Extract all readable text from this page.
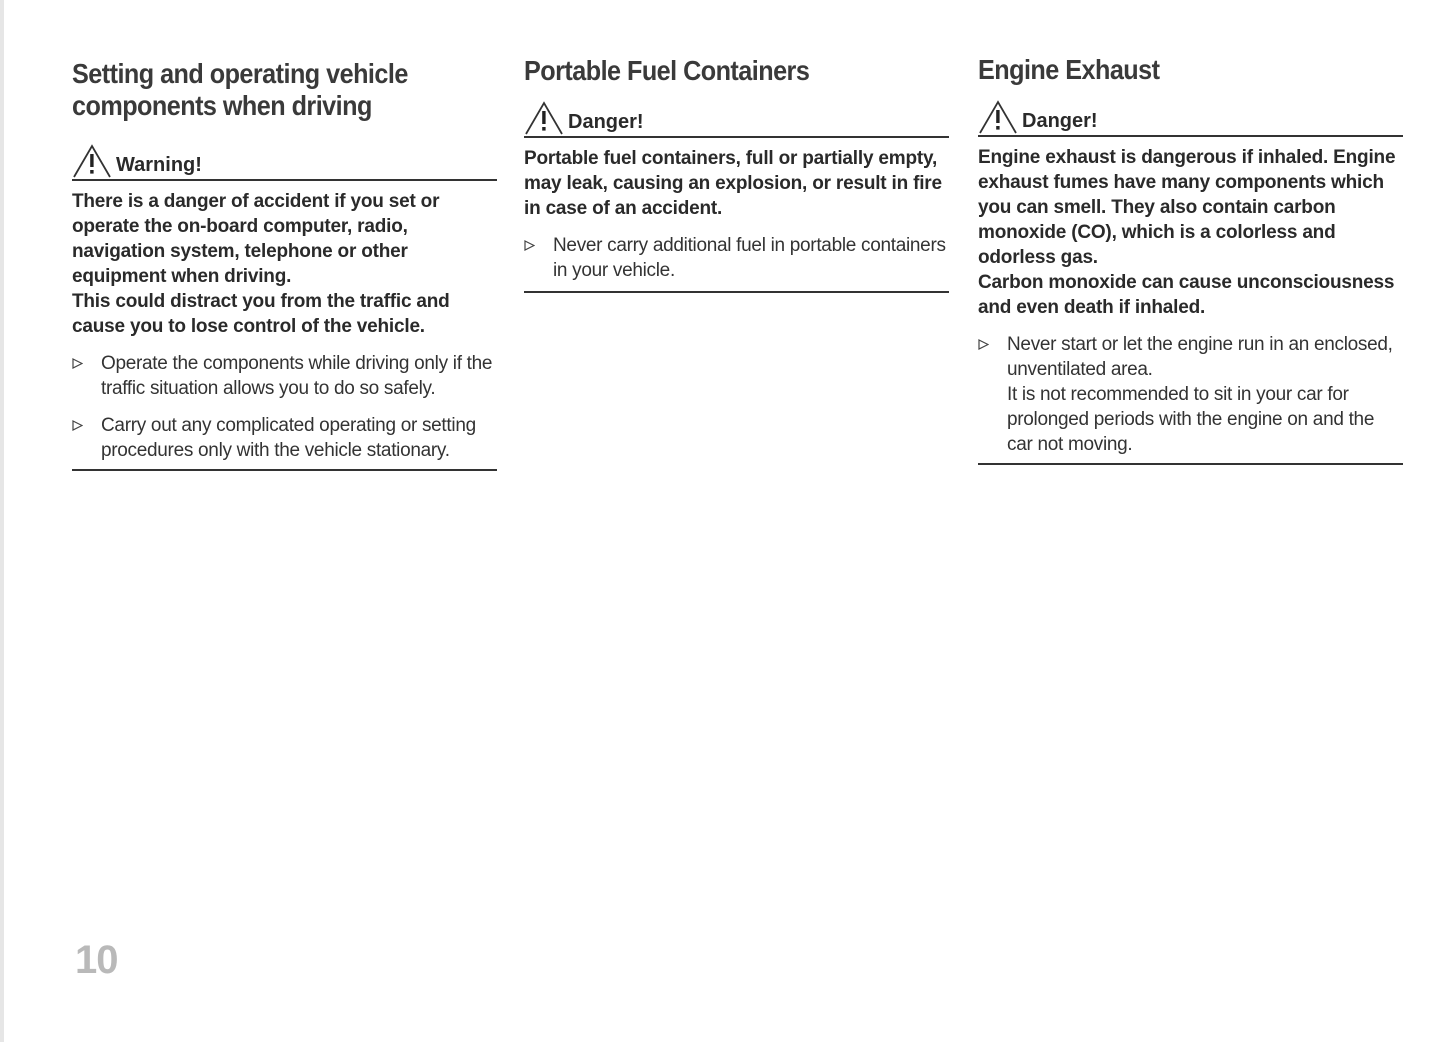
Setting and operating vehicle components when driving
Warning!

There is a danger of accident if you set or operate the on-board computer, radio, navigation system, telephone or other equipment when driving.

This could distract you from the traffic and cause you to lose control of the vehicle.

Operate the components while driving only if the traffic situation allows you to do so safely.
Carry out any complicated operating or setting procedures only with the vehicle stationary.
Portable Fuel Containers
Danger!

Portable fuel containers, full or partially empty, may leak, causing an explosion, or result in fire in case of an accident.

Never carry additional fuel in portable containers in your vehicle.
Engine Exhaust
Danger!

Engine exhaust is dangerous if inhaled. Engine exhaust fumes have many components which you can smell. They also contain carbon monoxide (CO), which is a colorless and odorless gas.

Carbon monoxide can cause unconsciousness and even death if inhaled.

Never start or let the engine run in an enclosed, unventilated area.
It is not recommended to sit in your car for prolonged periods with the engine on and the car not moving.
10
